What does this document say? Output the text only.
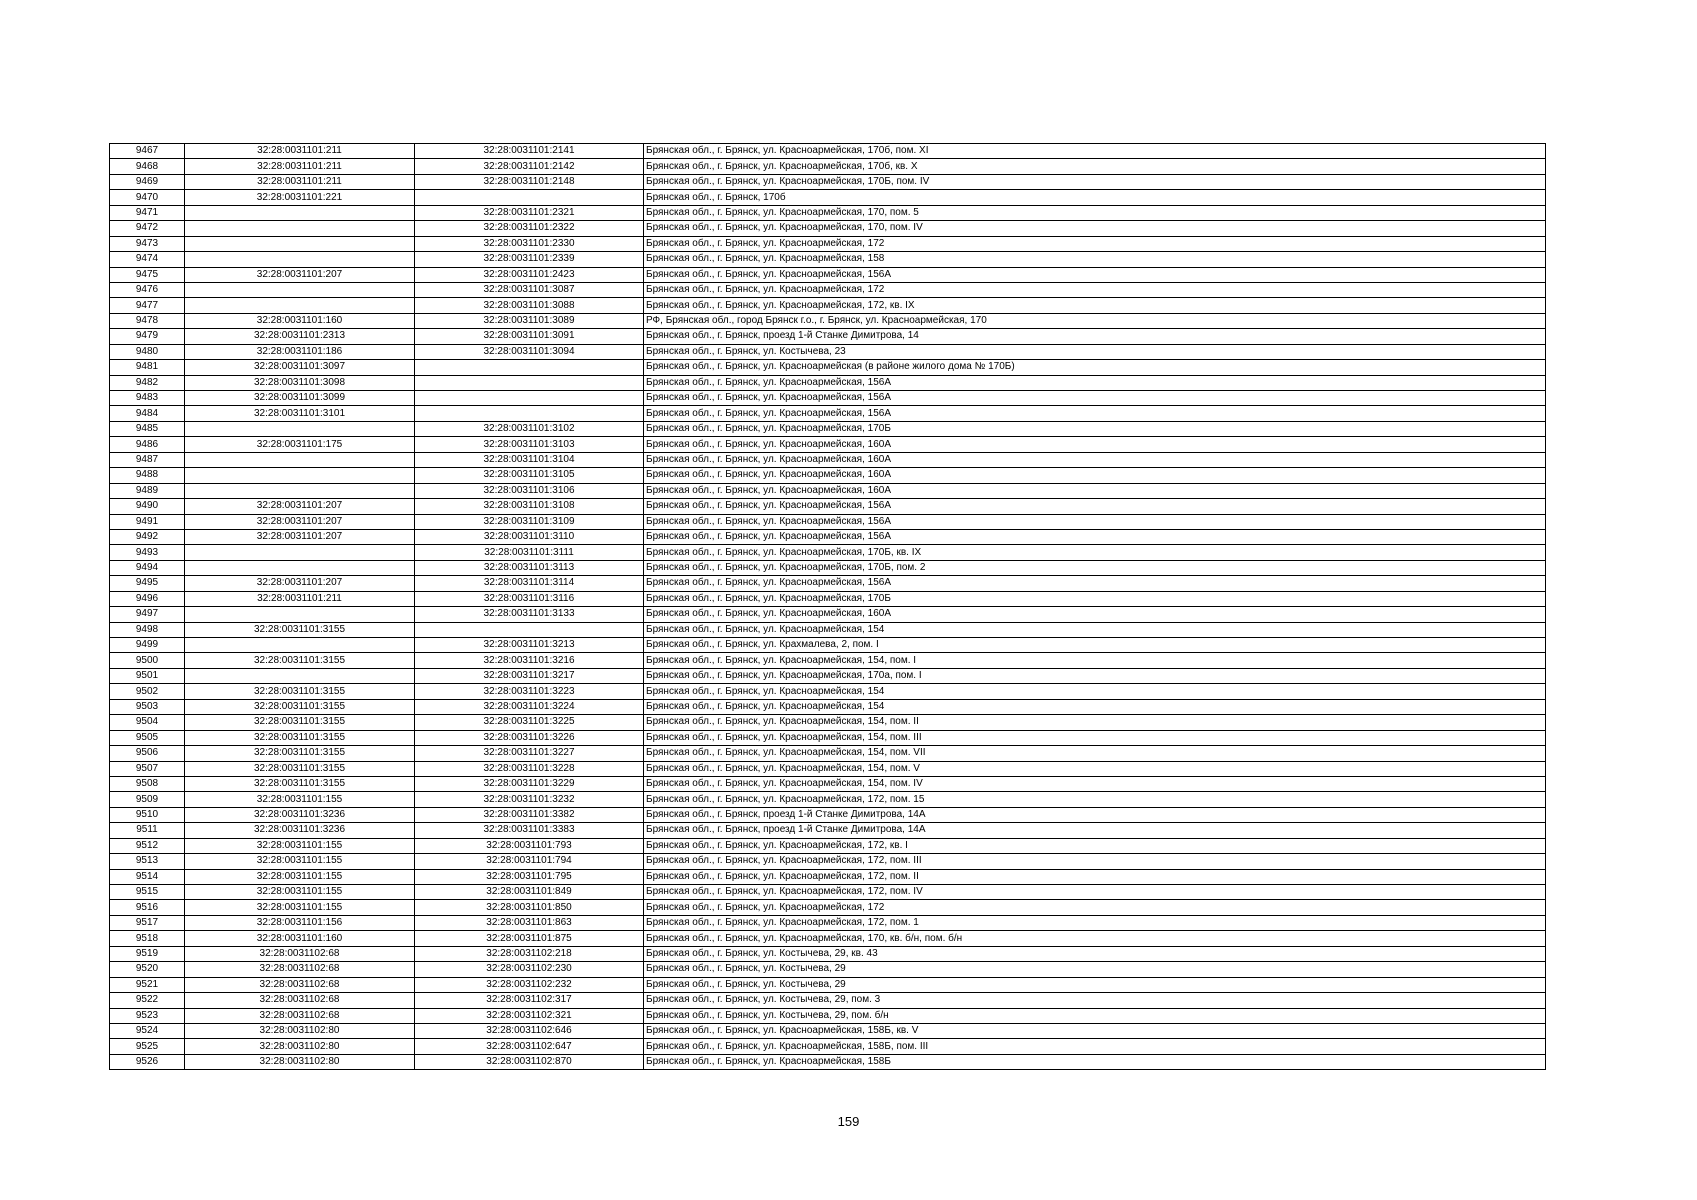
9467	32:28:0031101:211	32:28:0031101:2141	Брянская обл., г. Брянск, ул. Красноармейская, 170б, пом. XI
9468	32:28:0031101:211	32:28:0031101:2142	Брянская обл., г. Брянск, ул. Красноармейская, 170б, кв. X
9469	32:28:0031101:211	32:28:0031101:2148	Брянская обл., г. Брянск, ул. Красноармейская, 170Б, пом. IV
9470	32:28:0031101:221		Брянская обл., г. Брянск, 170б
9471		32:28:0031101:2321	Брянская обл., г. Брянск, ул. Красноармейская, 170, пом. 5
9472		32:28:0031101:2322	Брянская обл., г. Брянск, ул. Красноармейская, 170, пом. IV
9473		32:28:0031101:2330	Брянская обл., г. Брянск, ул. Красноармейская, 172
9474		32:28:0031101:2339	Брянская обл., г. Брянск, ул. Красноармейская, 158
9475	32:28:0031101:207	32:28:0031101:2423	Брянская обл., г. Брянск, ул. Красноармейская, 156А
9476		32:28:0031101:3087	Брянская обл., г. Брянск, ул. Красноармейская, 172
9477		32:28:0031101:3088	Брянская обл., г. Брянск, ул. Красноармейская, 172, кв. IX
9478	32:28:0031101:160	32:28:0031101:3089	РФ, Брянская обл., город Брянск г.о., г. Брянск, ул. Красноармейская, 170
9479	32:28:0031101:2313	32:28:0031101:3091	Брянская обл., г. Брянск, проезд 1-й Станке Димитрова, 14
9480	32:28:0031101:186	32:28:0031101:3094	Брянская обл., г. Брянск, ул. Костычева, 23
9481	32:28:0031101:3097		Брянская обл., г. Брянск, ул. Красноармейская (в районе жилого дома № 170Б)
9482	32:28:0031101:3098		Брянская обл., г. Брянск, ул. Красноармейская, 156А
9483	32:28:0031101:3099		Брянская обл., г. Брянск, ул. Красноармейская, 156А
9484	32:28:0031101:3101		Брянская обл., г. Брянск, ул. Красноармейская, 156А
9485		32:28:0031101:3102	Брянская обл., г. Брянск, ул. Красноармейская, 170Б
9486	32:28:0031101:175	32:28:0031101:3103	Брянская обл., г. Брянск, ул. Красноармейская, 160А
9487		32:28:0031101:3104	Брянская обл., г. Брянск, ул. Красноармейская, 160А
9488		32:28:0031101:3105	Брянская обл., г. Брянск, ул. Красноармейская, 160А
9489		32:28:0031101:3106	Брянская обл., г. Брянск, ул. Красноармейская, 160А
9490	32:28:0031101:207	32:28:0031101:3108	Брянская обл., г. Брянск, ул. Красноармейская, 156А
9491	32:28:0031101:207	32:28:0031101:3109	Брянская обл., г. Брянск, ул. Красноармейская, 156А
9492	32:28:0031101:207	32:28:0031101:3110	Брянская обл., г. Брянск, ул. Красноармейская, 156А
9493		32:28:0031101:3111	Брянская обл., г. Брянск, ул. Красноармейская, 170Б, кв. IX
9494		32:28:0031101:3113	Брянская обл., г. Брянск, ул. Красноармейская, 170Б, пом. 2
9495	32:28:0031101:207	32:28:0031101:3114	Брянская обл., г. Брянск, ул. Красноармейская, 156А
9496	32:28:0031101:211	32:28:0031101:3116	Брянская обл., г. Брянск, ул. Красноармейская, 170Б
9497		32:28:0031101:3133	Брянская обл., г. Брянск, ул. Красноармейская, 160А
9498	32:28:0031101:3155		Брянская обл., г. Брянск, ул. Красноармейская, 154
9499		32:28:0031101:3213	Брянская обл., г. Брянск, ул. Крахмалева, 2, пом. I
9500	32:28:0031101:3155	32:28:0031101:3216	Брянская обл., г. Брянск, ул. Красноармейская, 154, пом. I
9501		32:28:0031101:3217	Брянская обл., г. Брянск, ул. Красноармейская, 170а, пом. I
9502	32:28:0031101:3155	32:28:0031101:3223	Брянская обл., г. Брянск, ул. Красноармейская, 154
9503	32:28:0031101:3155	32:28:0031101:3224	Брянская обл., г. Брянск, ул. Красноармейская, 154
9504	32:28:0031101:3155	32:28:0031101:3225	Брянская обл., г. Брянск, ул. Красноармейская, 154, пом. II
9505	32:28:0031101:3155	32:28:0031101:3226	Брянская обл., г. Брянск, ул. Красноармейская, 154, пом. III
9506	32:28:0031101:3155	32:28:0031101:3227	Брянская обл., г. Брянск, ул. Красноармейская, 154, пом. VII
9507	32:28:0031101:3155	32:28:0031101:3228	Брянская обл., г. Брянск, ул. Красноармейская, 154, пом. V
9508	32:28:0031101:3155	32:28:0031101:3229	Брянская обл., г. Брянск, ул. Красноармейская, 154, пом. IV
9509	32:28:0031101:155	32:28:0031101:3232	Брянская обл., г. Брянск, ул. Красноармейская, 172, пом. 15
9510	32:28:0031101:3236	32:28:0031101:3382	Брянская обл., г. Брянск, проезд 1-й Станке Димитрова, 14А
9511	32:28:0031101:3236	32:28:0031101:3383	Брянская обл., г. Брянск, проезд 1-й Станке Димитрова, 14А
9512	32:28:0031101:155	32:28:0031101:793	Брянская обл., г. Брянск, ул. Красноармейская, 172, кв. I
9513	32:28:0031101:155	32:28:0031101:794	Брянская обл., г. Брянск, ул. Красноармейская, 172, пом. III
9514	32:28:0031101:155	32:28:0031101:795	Брянская обл., г. Брянск, ул. Красноармейская, 172, пом. II
9515	32:28:0031101:155	32:28:0031101:849	Брянская обл., г. Брянск, ул. Красноармейская, 172, пом. IV
9516	32:28:0031101:155	32:28:0031101:850	Брянская обл., г. Брянск, ул. Красноармейская, 172
9517	32:28:0031101:156	32:28:0031101:863	Брянская обл., г. Брянск, ул. Красноармейская, 172, пом. 1
9518	32:28:0031101:160	32:28:0031101:875	Брянская обл., г. Брянск, ул. Красноармейская, 170, кв. б/н, пом. б/н
9519	32:28:0031102:68	32:28:0031102:218	Брянская обл., г. Брянск, ул. Костычева, 29, кв. 43
9520	32:28:0031102:68	32:28:0031102:230	Брянская обл., г. Брянск, ул. Костычева, 29
9521	32:28:0031102:68	32:28:0031102:232	Брянская обл., г. Брянск, ул. Костычева, 29
9522	32:28:0031102:68	32:28:0031102:317	Брянская обл., г. Брянск, ул. Костычева, 29, пом. 3
9523	32:28:0031102:68	32:28:0031102:321	Брянская обл., г. Брянск, ул. Костычева, 29, пом. б/н
9524	32:28:0031102:80	32:28:0031102:646	Брянская обл., г. Брянск, ул. Красноармейская, 158Б, кв. V
9525	32:28:0031102:80	32:28:0031102:647	Брянская обл., г. Брянск, ул. Красноармейская, 158Б, пом. III
9526	32:28:0031102:80	32:28:0031102:870	Брянская обл., г. Брянск, ул. Красноармейская, 158Б
159
